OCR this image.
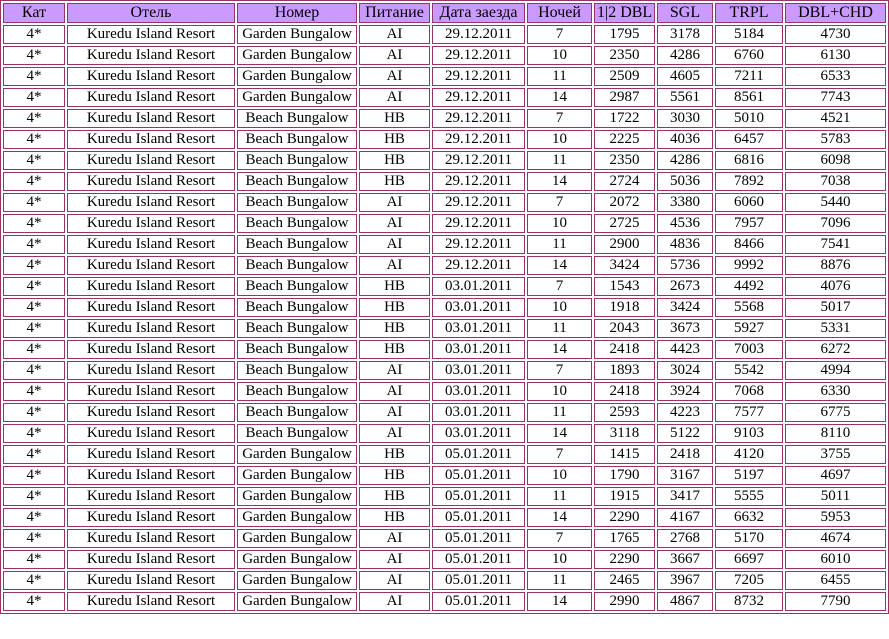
Кат	Отель	Номер	Питание	Дата заезда	Ночей	1|2 DBL	SGL	TRPL	DBL+CHD
4*	Kuredu Island Resort	Garden Bungalow	AI	29.12.2011	7	1795	3178	5184	4730
4*	Kuredu Island Resort	Garden Bungalow	AI	29.12.2011	10	2350	4286	6760	6130
4*	Kuredu Island Resort	Garden Bungalow	AI	29.12.2011	11	2509	4605	7211	6533
4*	Kuredu Island Resort	Garden Bungalow	AI	29.12.2011	14	2987	5561	8561	7743
4*	Kuredu Island Resort	Beach Bungalow	HB	29.12.2011	7	1722	3030	5010	4521
4*	Kuredu Island Resort	Beach Bungalow	HB	29.12.2011	10	2225	4036	6457	5783
4*	Kuredu Island Resort	Beach Bungalow	HB	29.12.2011	11	2350	4286	6816	6098
4*	Kuredu Island Resort	Beach Bungalow	HB	29.12.2011	14	2724	5036	7892	7038
4*	Kuredu Island Resort	Beach Bungalow	AI	29.12.2011	7	2072	3380	6060	5440
4*	Kuredu Island Resort	Beach Bungalow	AI	29.12.2011	10	2725	4536	7957	7096
4*	Kuredu Island Resort	Beach Bungalow	AI	29.12.2011	11	2900	4836	8466	7541
4*	Kuredu Island Resort	Beach Bungalow	AI	29.12.2011	14	3424	5736	9992	8876
4*	Kuredu Island Resort	Beach Bungalow	HB	03.01.2011	7	1543	2673	4492	4076
4*	Kuredu Island Resort	Beach Bungalow	HB	03.01.2011	10	1918	3424	5568	5017
4*	Kuredu Island Resort	Beach Bungalow	HB	03.01.2011	11	2043	3673	5927	5331
4*	Kuredu Island Resort	Beach Bungalow	HB	03.01.2011	14	2418	4423	7003	6272
4*	Kuredu Island Resort	Beach Bungalow	AI	03.01.2011	7	1893	3024	5542	4994
4*	Kuredu Island Resort	Beach Bungalow	AI	03.01.2011	10	2418	3924	7068	6330
4*	Kuredu Island Resort	Beach Bungalow	AI	03.01.2011	11	2593	4223	7577	6775
4*	Kuredu Island Resort	Beach Bungalow	AI	03.01.2011	14	3118	5122	9103	8110
4*	Kuredu Island Resort	Garden Bungalow	HB	05.01.2011	7	1415	2418	4120	3755
4*	Kuredu Island Resort	Garden Bungalow	HB	05.01.2011	10	1790	3167	5197	4697
4*	Kuredu Island Resort	Garden Bungalow	HB	05.01.2011	11	1915	3417	5555	5011
4*	Kuredu Island Resort	Garden Bungalow	HB	05.01.2011	14	2290	4167	6632	5953
4*	Kuredu Island Resort	Garden Bungalow	AI	05.01.2011	7	1765	2768	5170	4674
4*	Kuredu Island Resort	Garden Bungalow	AI	05.01.2011	10	2290	3667	6697	6010
4*	Kuredu Island Resort	Garden Bungalow	AI	05.01.2011	11	2465	3967	7205	6455
4*	Kuredu Island Resort	Garden Bungalow	AI	05.01.2011	14	2990	4867	8732	7790
